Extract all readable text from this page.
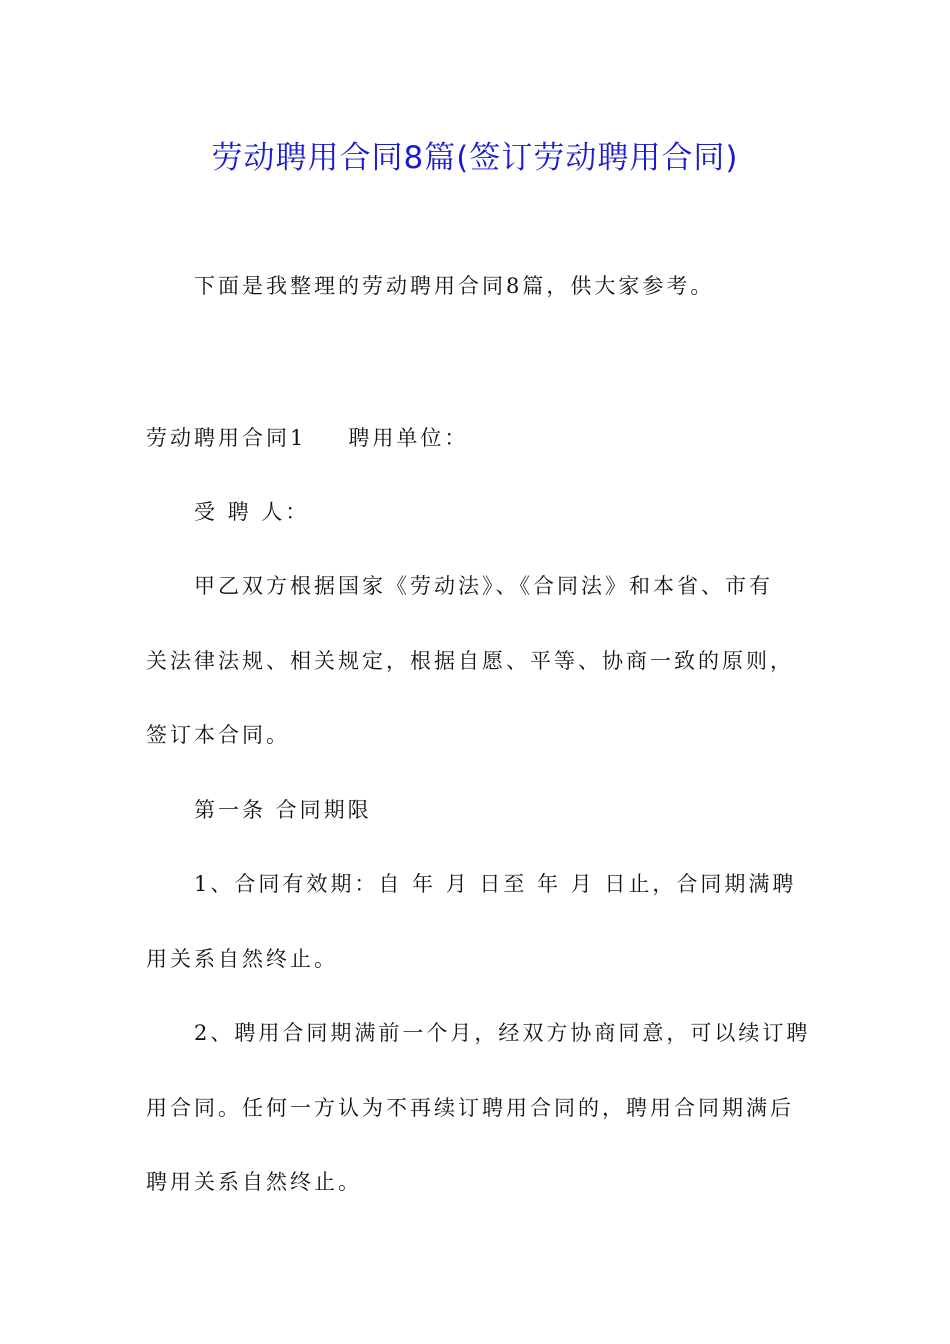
劳动聘用合同8篇(签订劳动聘用合同)
下面是我整理的劳动聘用合同8篇，供大家参考。
劳动聘用合同1 聘用单位：
受 聘 人：
甲乙双方根据国家《劳动法》、《合同法》和本省、市有
关法律法规、相关规定，根据自愿、平等、协商一致的原则，
签订本合同。
第一条 合同期限
1、合同有效期：自 年 月 日至 年 月 日止，合同期满聘
用关系自然终止。
2、聘用合同期满前一个月，经双方协商同意，可以续订聘
用合同。任何一方认为不再续订聘用合同的，聘用合同期满后
聘用关系自然终止。
